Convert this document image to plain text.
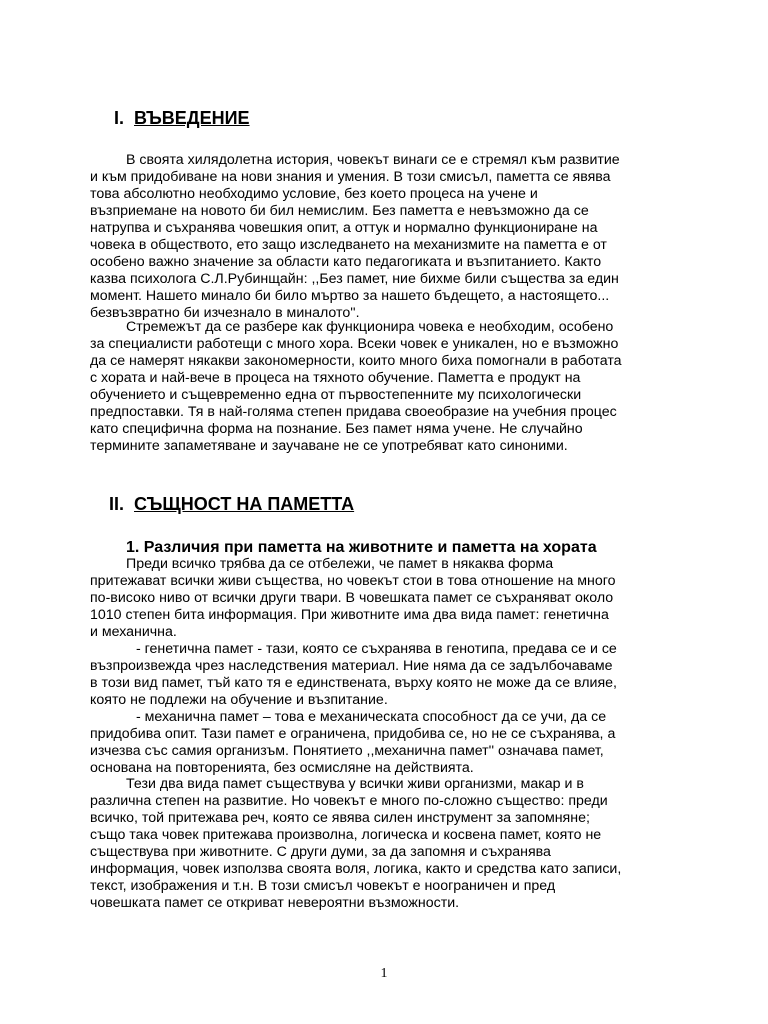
I. ВЪВЕДЕНИЕ

В своята хилядолетна история, човекът винаги се е стремял към развитие
и към придобиване на нови знания и умения. В този смисъл, паметта се явява
това абсолютно необходимо условие, без което процеса на учене и
възприемане на новото би бил немислим. Без паметта е невъзможно да се
натрупва и съхранява човешкия опит, а оттук и нормално функциониране на
човека в обществото, ето защо изследването на механизмите на паметта е от
особено важно значение за области като педагогиката и възпитанието. Както
казва психолога С.Л.Рубинщайн: ,,Без памет, ние бихме били същества за един
момент. Нашето минало би било мъртво за нашето бъдещето, а настоящето...
безвъзвратно би изчезнало в миналото''.

Стремежът да се разбере как функционира човека е необходим, особено
за специалисти работещи с много хора. Всеки човек е уникален, но е възможно
да се намерят някакви закономерности, които много биха помогнали в работата
с хората и най-вече в процеса на тяхното обучение. Паметта е продукт на
обучението и същевременно една от първостепенните му психологически
предпоставки. Тя в най-голяма степен придава своеобразие на учебния процес
като специфична форма на познание. Без памет няма учене. Не случайно
термините запаметяване и заучаване не се употребяват като синоними.

II. СЪЩНОСТ НА ПАМЕТТА
1. Различия при паметта на животните и паметта на хората

Преди всичко трябва да се отбележи, че памет в някаква форма
притежават всички живи същества, но човекът стои в това отношение на много
по-високо ниво от всички други твари. В човешката памет се съхраняват около
1010 степен бита информация. При животните има два вида памет: генетична
и механична.

- генетична памет - тази, която се съхранява в генотипа, предава се и се
възпроизвежда чрез наследствения материал. Ние няма да се задълбочаваме
в този вид памет, тъй като тя е единствената, върху която не може да се влияе,
която не подлежи на обучение и възпитание.

- механична памет – това е механическата способност да се учи, да се
придобива опит. Тази памет е ограничена, придобива се, но не се съхранява, а
изчезва със самия организъм. Понятието ,,механична памет'' означава памет,
основана на повторенията, без осмисляне на действията.

Тези два вида памет съществува у всички живи организми, макар и в
различна степен на развитие. Но човекът е много по-сложно същество: преди
всичко, той притежава реч, която се явява силен инструмент за запомняне;
също така човек притежава произволна, логическа и косвена памет, която не
съществува при животните. С други думи, за да запомня и съхранява
информация, човек използва своята воля, логика, както и средства като записи,
текст, изображения и т.н. В този смисъл човекът е ноограничен и пред
човешката памет се откриват невероятни възможности.

1
